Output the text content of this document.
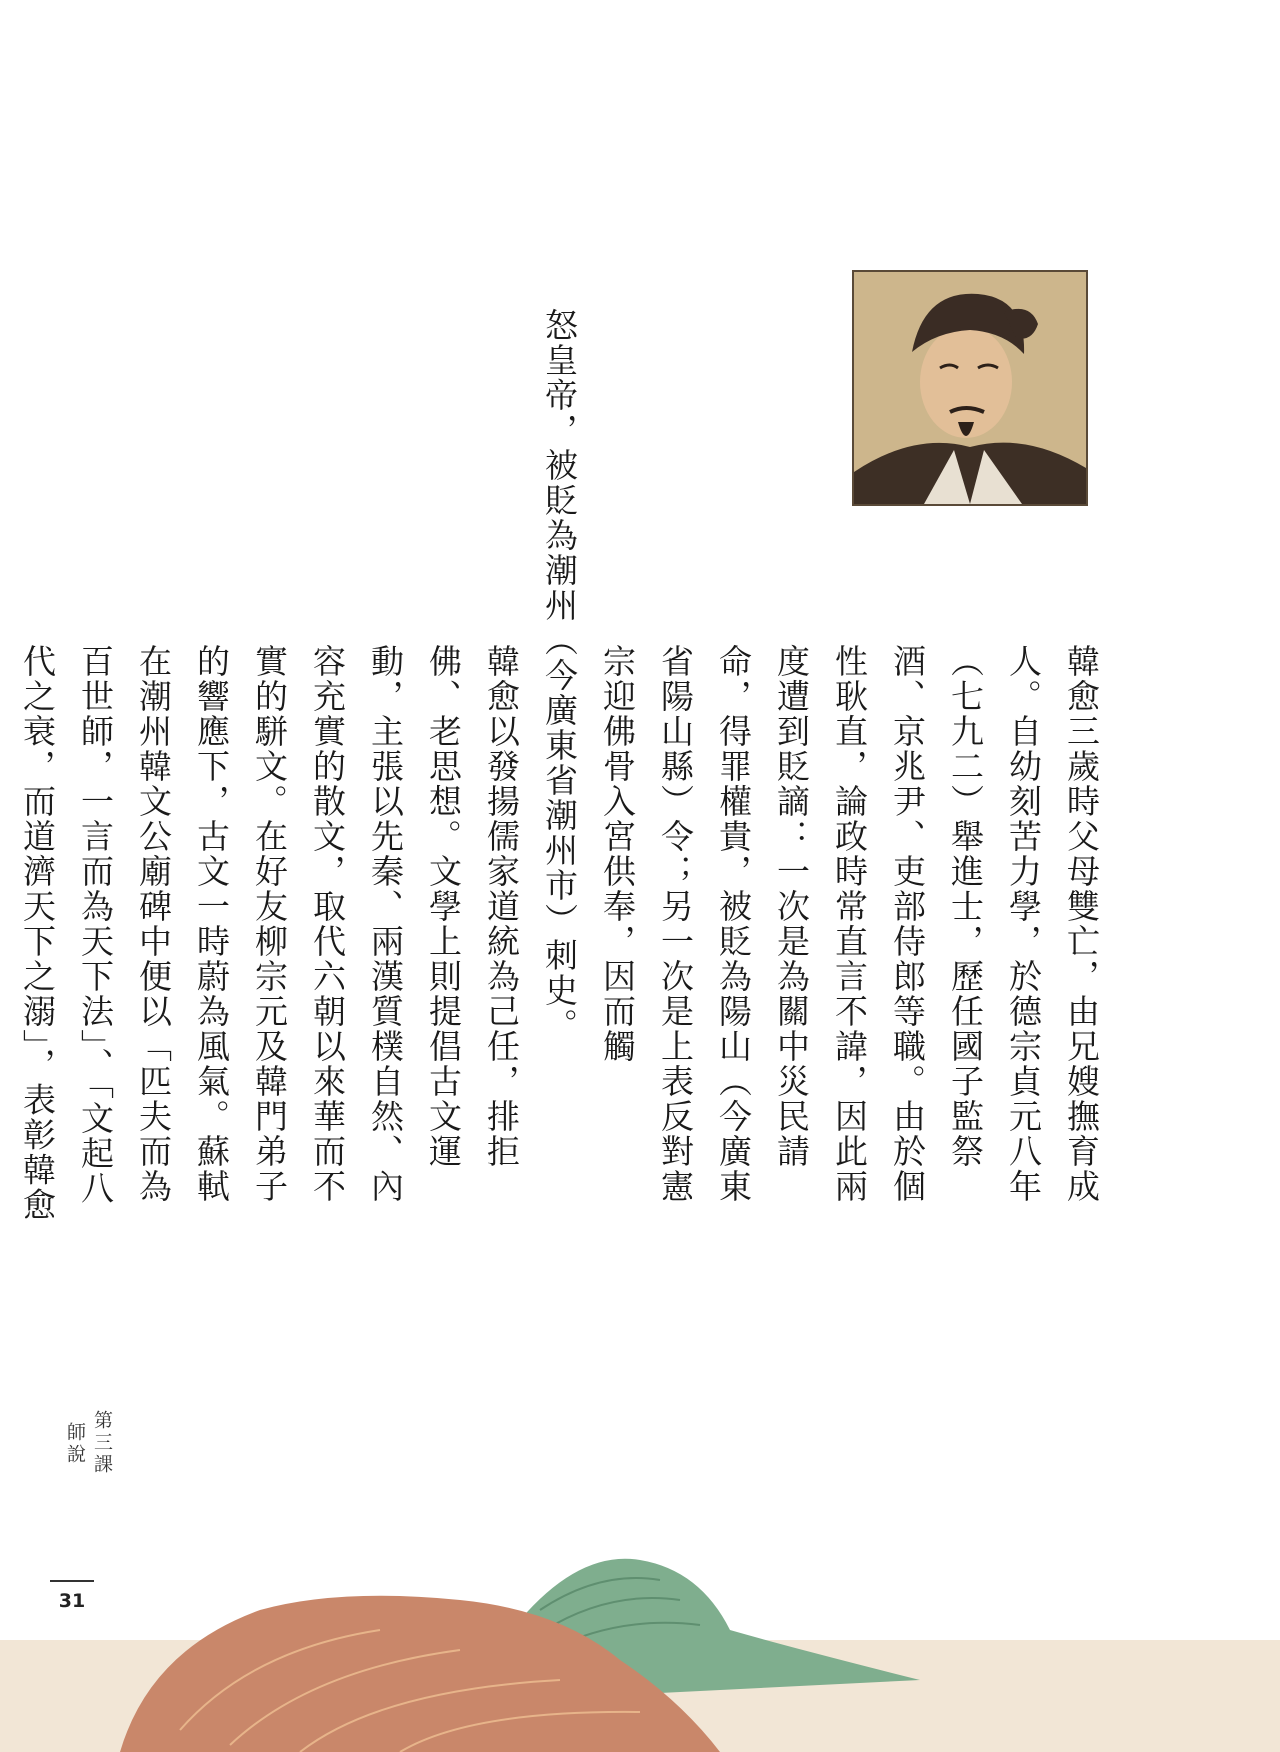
韓愈三歲時父母雙亡，由兄嫂撫育成人。自幼刻苦力學，於德宗貞元八年（七九二）舉進士，歷任國子監祭酒、京兆尹、吏部侍郎等職。由於個性耿直，論政時常直言不諱，因此兩度遭到貶謫：一次是為關中災民請命，得罪權貴，被貶為陽山（今廣東省陽山縣）令；另一次是上表反對憲宗迎佛骨入宮供奉，因而觸

怒皇帝，被貶為潮州（今廣東省潮州市）刺史。

韓愈以發揚儒家道統為己任，排拒佛、老思想。文學上則提倡古文運動，主張以先秦、兩漢質樸自然、內容充實的散文，取代六朝以來華而不實的駢文。在好友柳宗元及韓門弟子的響應下，古文一時蔚為風氣。蘇軾在潮州韓文公廟碑中便以「匹夫而為百世師，一言而為天下法」、「文起八代之衰，而道濟天下之溺」，表彰韓愈

第三課
師說
31
